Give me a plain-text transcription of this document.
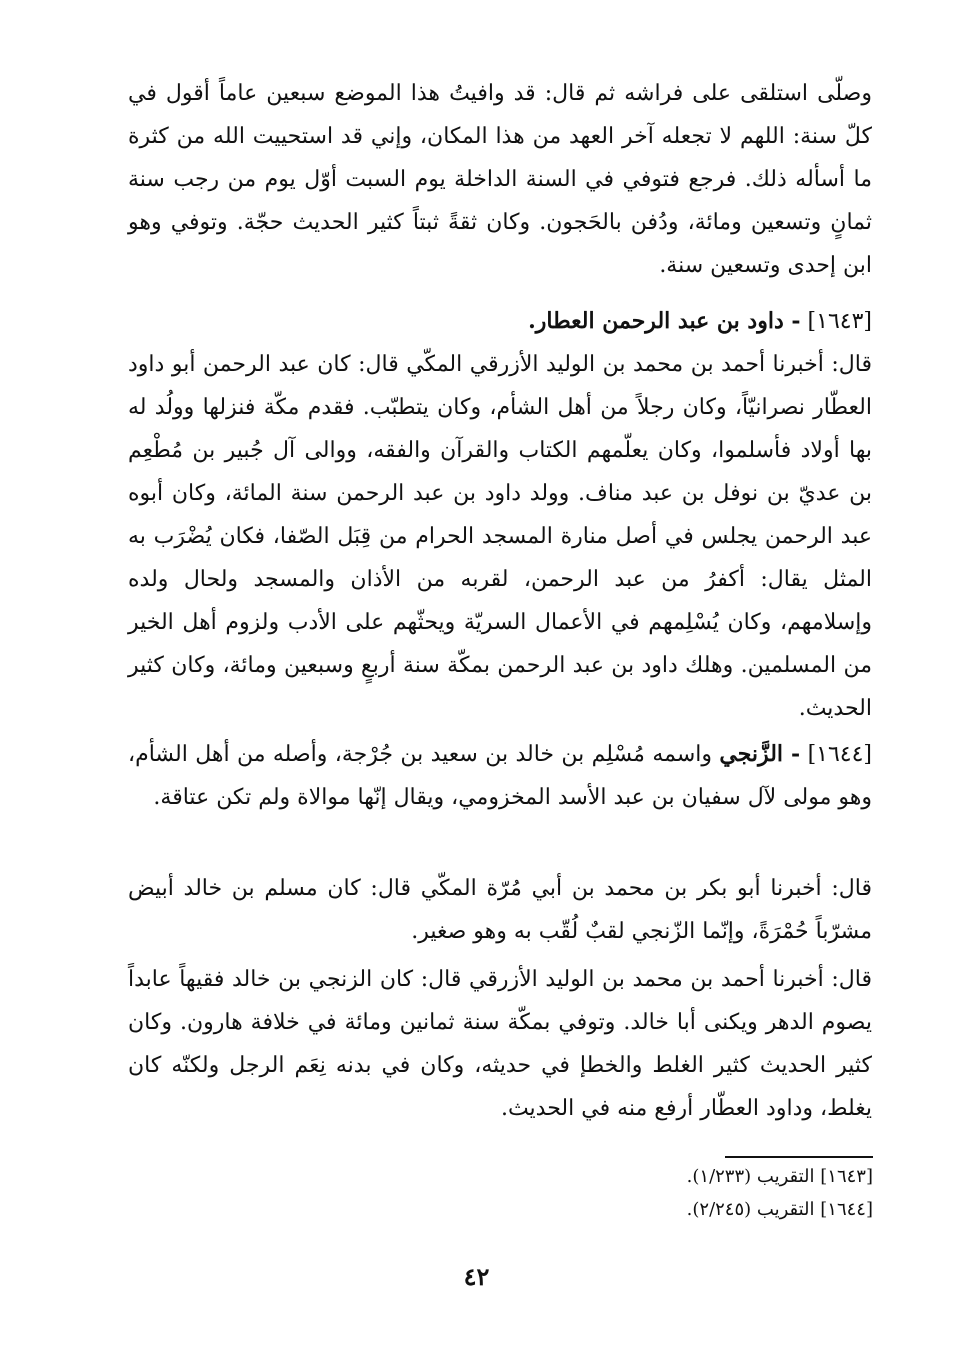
وصلّى استلقى على فراشه ثم قال: قد وافيتُ هذا الموضع سبعين عاماً أقول في كلّ سنة: اللهم لا تجعله آخر العهد من هذا المكان، وإني قد استحييت الله من كثرة ما أسأله ذلك. فرجع فتوفي في السنة الداخلة يوم السبت أوّل يوم من رجب سنة ثمانٍ وتسعين ومائة، ودُفن بالحَجون. وكان ثقةً ثبتاً كثير الحديث حجّة. وتوفي وهو ابن إحدى وتسعين سنة.

[١٦٤٣] - داود بن عبد الرحمن العطار.

قال: أخبرنا أحمد بن محمد بن الوليد الأزرقي المكّي قال: كان عبد الرحمن أبو داود العطّار نصرانيّاً، وكان رجلاً من أهل الشأم، وكان يتطبّب. فقدم مكّة فنزلها وولُد له بها أولاد فأسلموا، وكان يعلّمهم الكتاب والقرآن والفقه، ووالى آل جُبير بن مُطْعِم بن عديّ بن نوفل بن عبد مناف. وولد داود بن عبد الرحمن سنة المائة، وكان أبوه عبد الرحمن يجلس في أصل منارة المسجد الحرام من قِبَل الصّفا، فكان يُضْرَب به المثل يقال: أكفرُ من عبد الرحمن، لقربه من الأذان والمسجد ولحال ولده وإسلامهم، وكان يُسْلِمهم في الأعمال السريّة ويحثّهم على الأدب ولزوم أهل الخير من المسلمين. وهلك داود بن عبد الرحمن بمكّة سنة أربعٍ وسبعين ومائة، وكان كثير الحديث.

[١٦٤٤] - الزَّنجي واسمه مُسْلِم بن خالد بن سعيد بن جُرْجة، وأصله من أهل الشأم، وهو مولى لآل سفيان بن عبد الأسد المخزومي، ويقال إنّها موالاة ولم تكن عتاقة.

قال: أخبرنا أبو بكر بن محمد بن أبي مُرّة المكّي قال: كان مسلم بن خالد أبيض مشرّباً حُمْرَةً، وإنّما الزّنجي لقبٌ لُقّب به وهو صغير.

قال: أخبرنا أحمد بن محمد بن الوليد الأزرقي قال: كان الزنجي بن خالد فقيهاً عابداً يصوم الدهر ويكنى أبا خالد. وتوفي بمكّة سنة ثمانين ومائة في خلافة هارون. وكان كثير الحديث كثير الغلط والخطإ في حديثه، وكان في بدنه نِعَم الرجل ولكنّه كان يغلط، وداود العطّار أرفع منه في الحديث.

[١٦٤٣] التقريب (١/٢٣٣).
[١٦٤٤] التقريب (٢/٢٤٥).
٤٢
